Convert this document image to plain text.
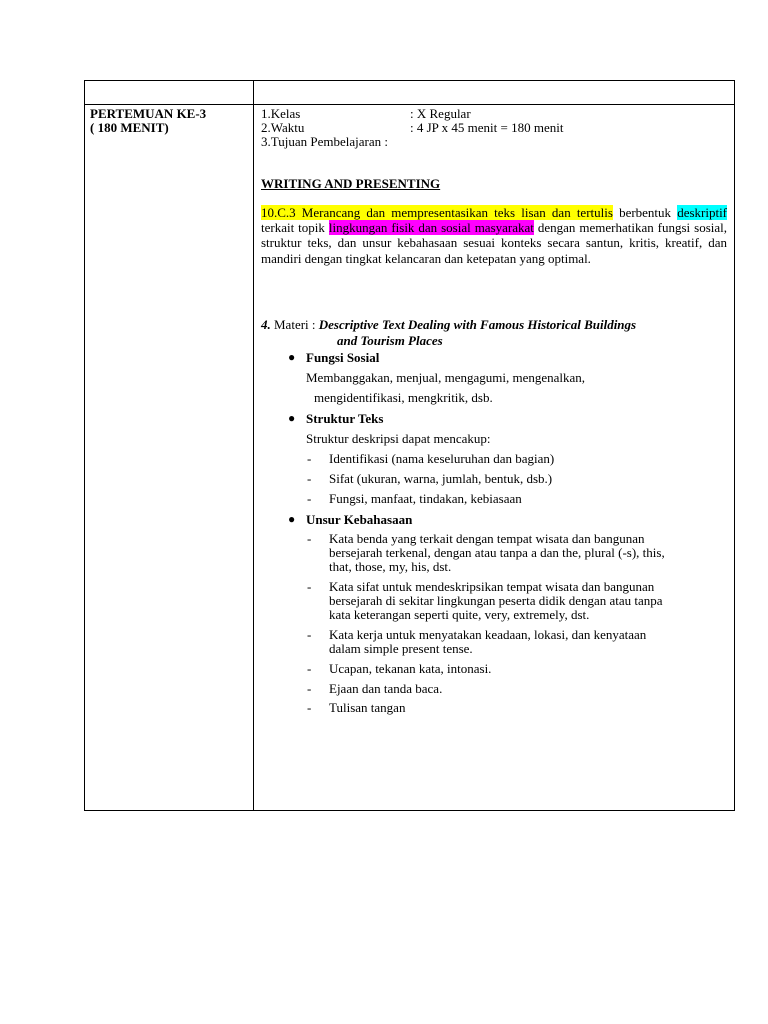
PERTEMUAN KE-3
( 180 MENIT)
1.Kelas	: X Regular
2.Waktu	: 4 JP x 45 menit = 180 menit
3.Tujuan Pembelajaran :
WRITING AND PRESENTING
10.C.3 Merancang dan mempresentasikan teks lisan dan tertulis berbentuk deskriptif terkait topik lingkungan fisik dan sosial masyarakat dengan memerhatikan fungsi sosial, struktur teks, dan unsur kebahasaan sesuai konteks secara santun, kritis, kreatif, dan mandiri dengan tingkat kelancaran dan ketepatan yang optimal.
4. Materi : Descriptive Text Dealing with Famous Historical Buildings
and Tourism Places
● Fungsi Sosial
Membanggakan, menjual, mengagumi, mengenalkan,
mengidentifikasi, mengkritik, dsb.
● Struktur Teks
Struktur deskripsi dapat mencakup:
- Identifikasi (nama keseluruhan dan bagian)
- Sifat (ukuran, warna, jumlah, bentuk, dsb.)
- Fungsi, manfaat, tindakan, kebiasaan
● Unsur Kebahasaan
- Kata benda yang terkait dengan tempat wisata dan bangunan
bersejarah terkenal, dengan atau tanpa a dan the, plural (-s), this,
that, those, my, his, dst.
- Kata sifat untuk mendeskripsikan tempat wisata dan bangunan
bersejarah di sekitar lingkungan peserta didik dengan atau tanpa
kata keterangan seperti quite, very, extremely, dst.
- Kata kerja untuk menyatakan keadaan, lokasi, dan kenyataan
dalam simple present tense.
- Ucapan, tekanan kata, intonasi.
- Ejaan dan tanda baca.
- Tulisan tangan
